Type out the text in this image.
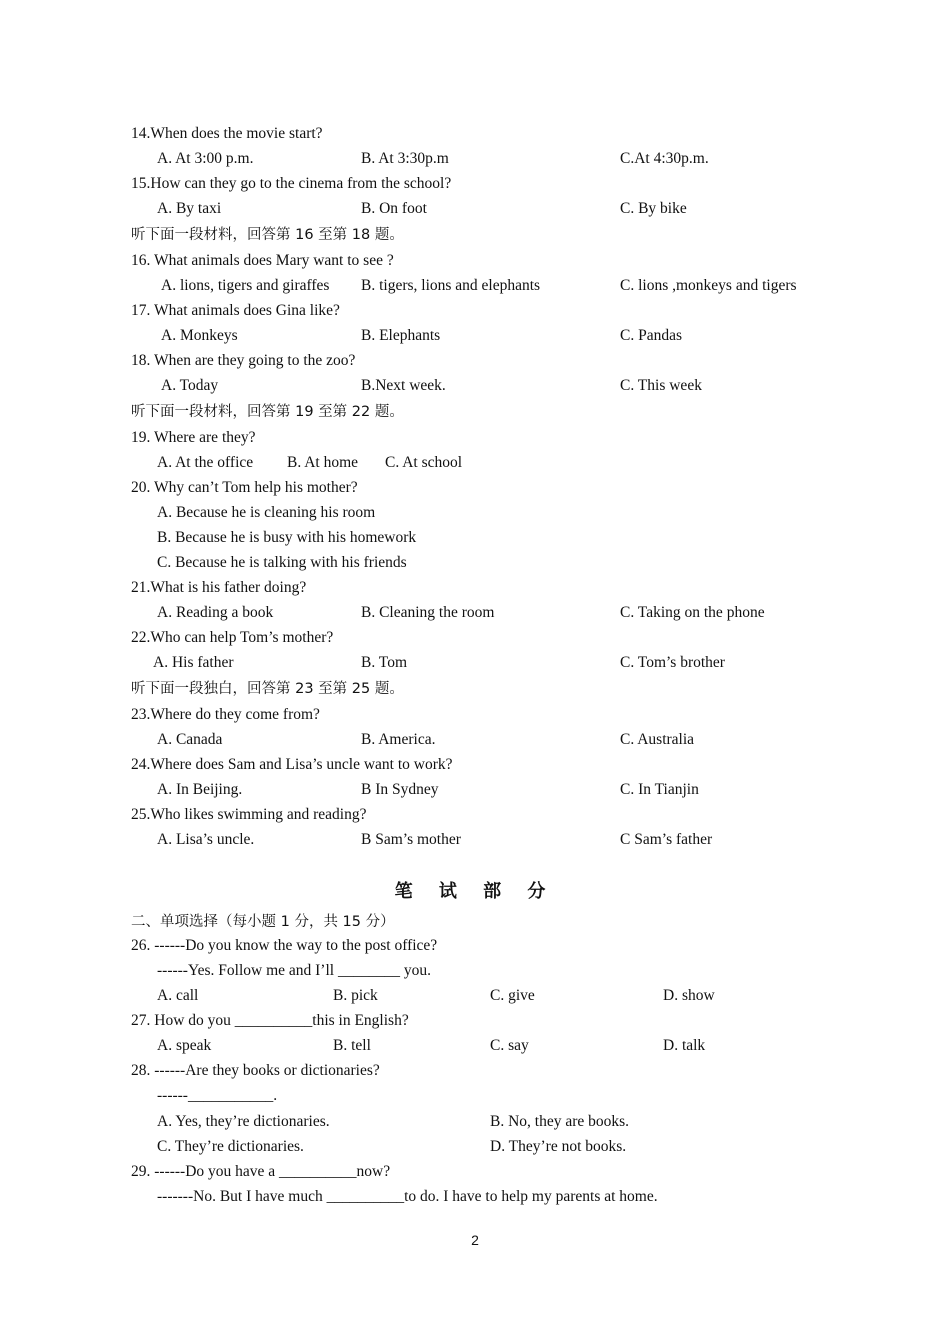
14.When does the movie start?
A. At 3:00 p.m.	B. At 3:30p.m	C.At 4:30p.m.
15.How can they go to the cinema from the school?
A. By taxi	B. On foot	C. By bike
听下面一段材料，回答第 16 至第 18 题。
16. What animals does Mary want to see ?
A. lions, tigers and giraffes B. tigers, lions and elephants	C. lions ,monkeys and tigers
17. What animals does Gina like?
A. Monkeys	B. Elephants	C. Pandas
18. When are they going to the zoo?
A. Today	B.Next week.	C. This week
听下面一段材料，回答第 19 至第 22 题。
19. Where are they?
A. At the office B. At home C. At school
20. Why can’t Tom help his mother?
A. Because he is cleaning his room
B. Because he is busy with his homework
C. Because he is talking with his friends
21.What is his father doing?
A. Reading a book	B. Cleaning the room	C. Taking on the phone
22.Who can help Tom’s mother?
A. His father	B. Tom	C. Tom’s brother
听下面一段独白，回答第 23 至第 25 题。
23.Where do they come from?
A. Canada	B. America.	C. Australia
24.Where does Sam and Lisa’s uncle want to work?
A. In Beijing.	B In Sydney	C. In Tianjin
25.Who likes swimming and reading?
A. Lisa’s uncle.	B Sam’s mother	C Sam’s father
笔 试 部 分
二、单项选择（每小题 1 分，共 15 分）
26. ------Do you know the way to the post office?
------Yes. Follow me and I’ll ________ you.
A. call	B. pick	C. give	D. show
27. How do you __________this in English?
A. speak	B. tell	C. say	D. talk
28. ------Are they books or dictionaries?
------___________.
A. Yes, they’re dictionaries.	B. No, they are books.
C. They’re dictionaries.	D. They’re not books.
29. ------Do you have a __________now?
-------No. But I have much __________to do. I have to help my parents at home.
2
